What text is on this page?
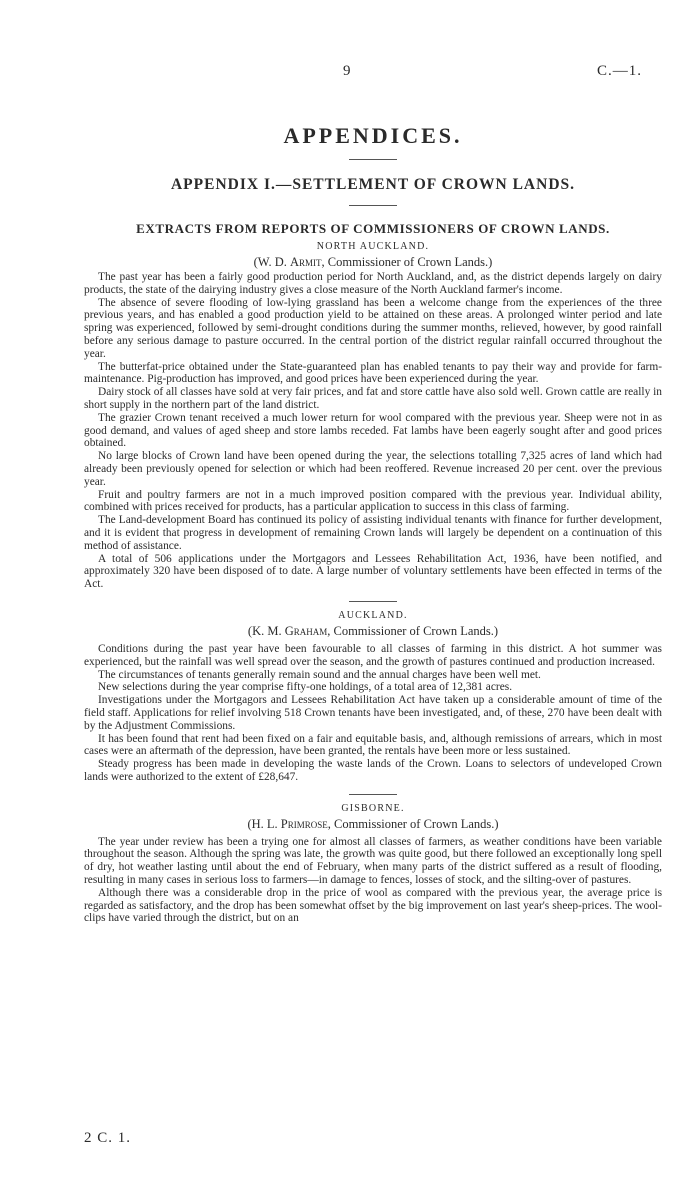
9	C.—1.
APPENDICES.
APPENDIX I.—SETTLEMENT OF CROWN LANDS.
EXTRACTS FROM REPORTS OF COMMISSIONERS OF CROWN LANDS.
NORTH AUCKLAND.
(W. D. Armit, Commissioner of Crown Lands.)

The past year has been a fairly good production period for North Auckland, and, as the district depends largely on dairy products, the state of the dairying industry gives a close measure of the North Auckland farmer's income.

The absence of severe flooding of low-lying grassland has been a welcome change from the experiences of the three previous years, and has enabled a good production yield to be attained on these areas. A prolonged winter period and late spring was experienced, followed by semi-drought conditions during the summer months, relieved, however, by good rainfall before any serious damage to pasture occurred. In the central portion of the district regular rainfall occurred throughout the year.

The butterfat-price obtained under the State-guaranteed plan has enabled tenants to pay their way and provide for farm-maintenance. Pig-production has improved, and good prices have been experienced during the year.

Dairy stock of all classes have sold at very fair prices, and fat and store cattle have also sold well. Grown cattle are really in short supply in the northern part of the land district.

The grazier Crown tenant received a much lower return for wool compared with the previous year. Sheep were not in as good demand, and values of aged sheep and store lambs receded. Fat lambs have been eagerly sought after and good prices obtained.

No large blocks of Crown land have been opened during the year, the selections totalling 7,325 acres of land which had already been previously opened for selection or which had been reoffered. Revenue increased 20 per cent. over the previous year.

Fruit and poultry farmers are not in a much improved position compared with the previous year. Individual ability, combined with prices received for products, has a particular application to success in this class of farming.

The Land-development Board has continued its policy of assisting individual tenants with finance for further development, and it is evident that progress in development of remaining Crown lands will largely be dependent on a continuation of this method of assistance.

A total of 506 applications under the Mortgagors and Lessees Rehabilitation Act, 1936, have been notified, and approximately 320 have been disposed of to date. A large number of voluntary settlements have been effected in terms of the Act.

AUCKLAND.
(K. M. Graham, Commissioner of Crown Lands.)

Conditions during the past year have been favourable to all classes of farming in this district. A hot summer was experienced, but the rainfall was well spread over the season, and the growth of pastures continued and production increased.

The circumstances of tenants generally remain sound and the annual charges have been well met.

New selections during the year comprise fifty-one holdings, of a total area of 12,381 acres.

Investigations under the Mortgagors and Lessees Rehabilitation Act have taken up a considerable amount of time of the field staff. Applications for relief involving 518 Crown tenants have been investigated, and, of these, 270 have been dealt with by the Adjustment Commissions.

It has been found that rent had been fixed on a fair and equitable basis, and, although remissions of arrears, which in most cases were an aftermath of the depression, have been granted, the rentals have been more or less sustained.

Steady progress has been made in developing the waste lands of the Crown. Loans to selectors of undeveloped Crown lands were authorized to the extent of £28,647.

GISBORNE.
(H. L. Primrose, Commissioner of Crown Lands.)

The year under review has been a trying one for almost all classes of farmers, as weather conditions have been variable throughout the season. Although the spring was late, the growth was quite good, but there followed an exceptionally long spell of dry, hot weather lasting until about the end of February, when many parts of the district suffered as a result of flooding, resulting in many cases in serious loss to farmers—in damage to fences, losses of stock, and the silting-over of pastures.

Although there was a considerable drop in the price of wool as compared with the previous year, the average price is regarded as satisfactory, and the drop has been somewhat offset by the big improvement on last year's sheep-prices. The wool-clips have varied through the district, but on an

2 C. 1.
